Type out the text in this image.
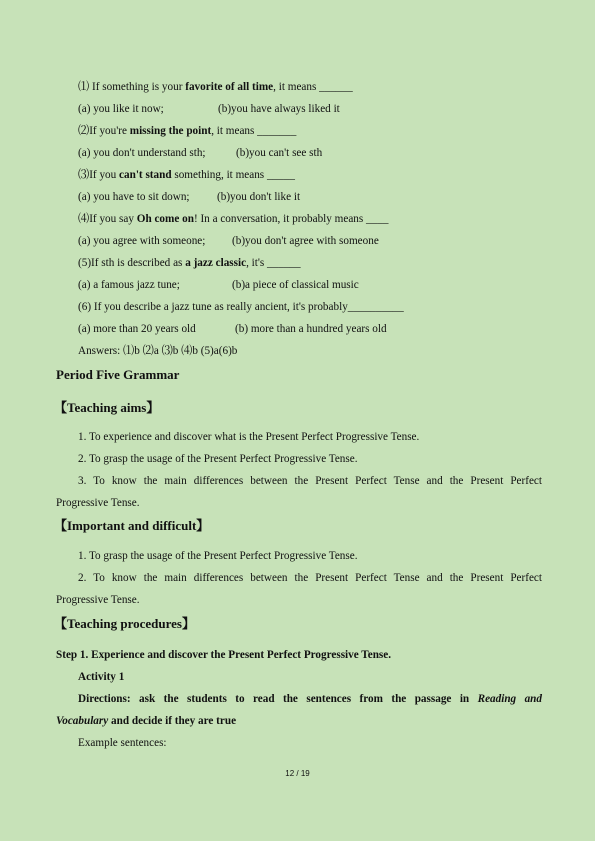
⑴ If something is your favorite of all time, it means ______
(a) you like it now;	(b)you have always liked it
⑵If you're missing the point, it means _______
(a) you don't understand sth;	(b)you can't see sth
⑶If you can't stand something, it means _____
(a) you have to sit down; (b)you don't like it
⑷If you say Oh come on! In a conversation, it probably means ____
(a) you agree with someone; (b)you don't agree with someone
(5)If sth is described as a jazz classic, it's ______
(a) a famous jazz tune;	(b)a piece of classical music
(6) If you describe a jazz tune as really ancient, it's probably__________
(a) more than 20 years old	(b) more than a hundred years old
Answers: ⑴b ⑵a ⑶b ⑷b (5)a(6)b
Period Five Grammar
【Teaching aims】
1. To experience and discover what is the Present Perfect Progressive Tense.
2. To grasp the usage of the Present Perfect Progressive Tense.
3. To know the main differences between the Present Perfect Tense and the Present Perfect
Progressive Tense.
【Important and difficult】
1. To grasp the usage of the Present Perfect Progressive Tense.
2. To know the main differences between the Present Perfect Tense and the Present Perfect
Progressive Tense.
【Teaching procedures】
Step 1. Experience and discover the Present Perfect Progressive Tense.
Activity 1
Directions: ask the students to read the sentences from the passage in Reading and
Vocabulary and decide if they are true
Example sentences:
12 / 19
